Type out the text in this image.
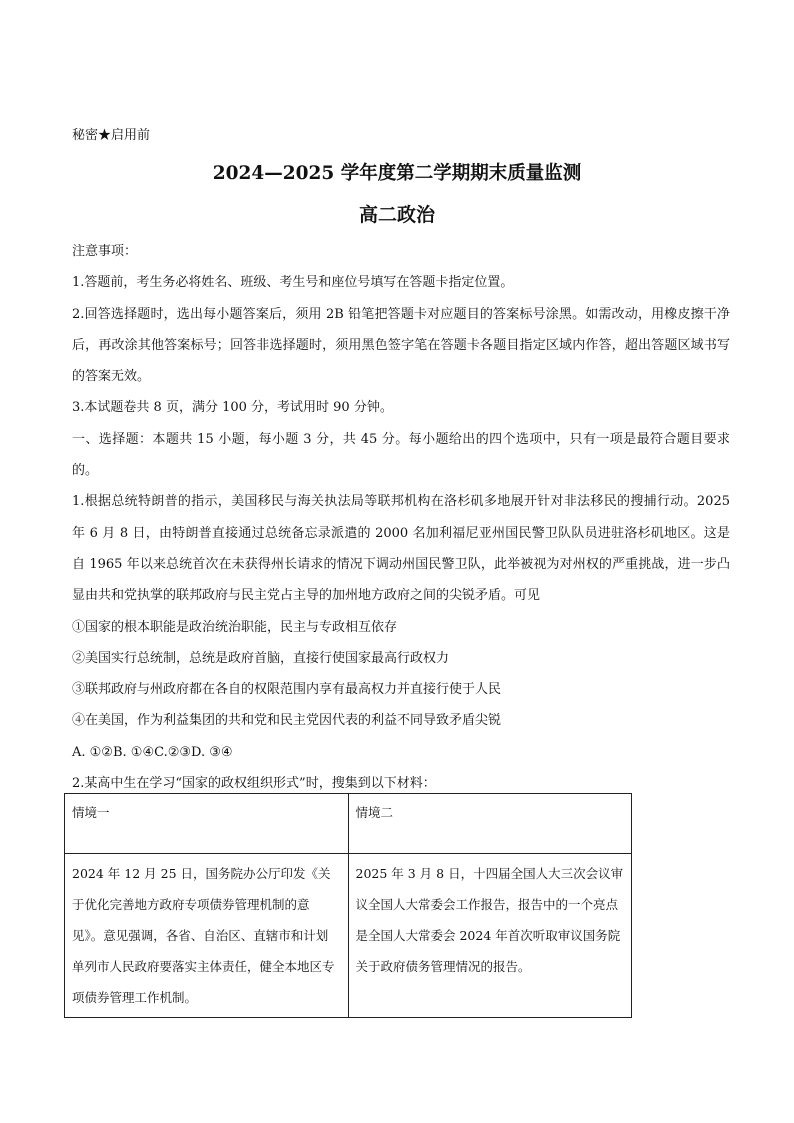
秘密★启用前
2024—2025 学年度第二学期期末质量监测
高二政治

注意事项：

1.答题前，考生务必将姓名、班级、考生号和座位号填写在答题卡指定位置。

2.回答选择题时，选出每小题答案后，须用 2B 铅笔把答题卡对应题目的答案标号涂黑。如需改动，用橡皮擦干净后，再改涂其他答案标号；回答非选择题时，须用黑色签字笔在答题卡各题目指定区域内作答，超出答题区域书写的答案无效。

3.本试题卷共 8 页，满分 100 分，考试用时 90 分钟。

一、选择题：本题共 15 小题，每小题 3 分，共 45 分。每小题给出的四个选项中，只有一项是最符合题目要求的。

1.根据总统特朗普的指示，美国移民与海关执法局等联邦机构在洛杉矶多地展开针对非法移民的搜捕行动。2025 年 6 月 8 日，由特朗普直接通过总统备忘录派遣的 2000 名加利福尼亚州国民警卫队队员进驻洛杉矶地区。这是自 1965 年以来总统首次在未获得州长请求的情况下调动州国民警卫队，此举被视为对州权的严重挑战，进一步凸显由共和党执掌的联邦政府与民主党占主导的加州地方政府之间的尖锐矛盾。可见

①国家的根本职能是政治统治职能，民主与专政相互依存

②美国实行总统制，总统是政府首脑，直接行使国家最高行政权力

③联邦政府与州政府都在各自的权限范围内享有最高权力并直接行使于人民

④在美国，作为利益集团的共和党和民主党因代表的利益不同导致矛盾尖锐

A. ①②B. ①④C.②③D. ③④

2.某高中生在学习“国家的政权组织形式”时，搜集到以下材料：

情境一	情境二
2024 年 12 月 25 日，国务院办公厅印发《关于优化完善地方政府专项债券管理机制的意见》。意见强调，各省、自治区、直辖市和计划单列市人民政府要落实主体责任，健全本地区专项债券管理工作机制。	2025 年 3 月 8 日，十四届全国人大三次会议审议全国人大常委会工作报告，报告中的一个亮点是全国人大常委会 2024 年首次听取审议国务院关于政府债务管理情况的报告。
